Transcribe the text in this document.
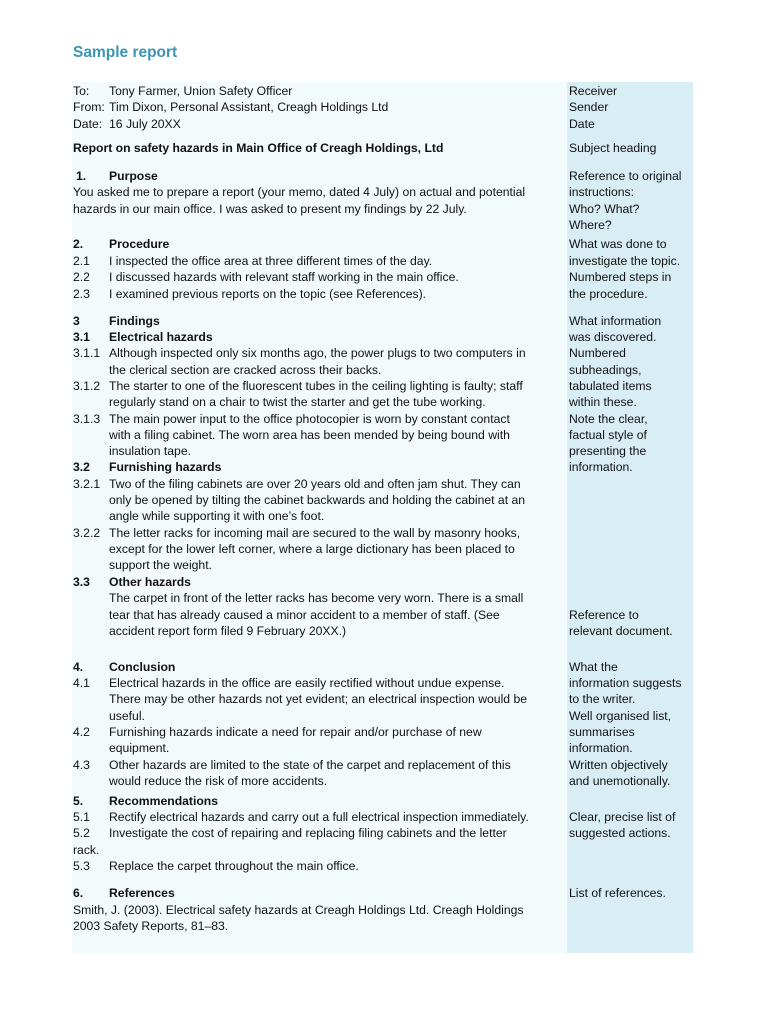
Sample report
To: Tony Farmer, Union Safety Officer
From: Tim Dixon, Personal Assistant, Creagh Holdings Ltd
Date: 16 July 20XX
Report on safety hazards in Main Office of Creagh Holdings, Ltd
1. Purpose
You asked me to prepare a report (your memo, dated 4 July) on actual and potential
hazards in our main office. I was asked to present my findings by 22 July.
2. Procedure
2.1 I inspected the office area at three different times of the day.
2.2 I discussed hazards with relevant staff working in the main office.
2.3 I examined previous reports on the topic (see References).
3 Findings
3.1 Electrical hazards
3.1.1 Although inspected only six months ago, the power plugs to two computers in
the clerical section are cracked across their backs.
3.1.2 The starter to one of the fluorescent tubes in the ceiling lighting is faulty; staff
regularly stand on a chair to twist the starter and get the tube working.
3.1.3 The main power input to the office photocopier is worn by constant contact
with a filing cabinet. The worn area has been mended by being bound with
insulation tape.
3.2 Furnishing hazards
3.2.1 Two of the filing cabinets are over 20 years old and often jam shut. They can
only be opened by tilting the cabinet backwards and holding the cabinet at an
angle while supporting it with one’s foot.
3.2.2 The letter racks for incoming mail are secured to the wall by masonry hooks,
except for the lower left corner, where a large dictionary has been placed to
support the weight.
3.3 Other hazards
The carpet in front of the letter racks has become very worn. There is a small
tear that has already caused a minor accident to a member of staff. (See
accident report form filed 9 February 20XX.)
4. Conclusion
4.1 Electrical hazards in the office are easily rectified without undue expense.
There may be other hazards not yet evident; an electrical inspection would be
useful.
4.2 Furnishing hazards indicate a need for repair and/or purchase of new
equipment.
4.3 Other hazards are limited to the state of the carpet and replacement of this
would reduce the risk of more accidents.
5. Recommendations
5.1 Rectify electrical hazards and carry out a full electrical inspection immediately.
5.2 Investigate the cost of repairing and replacing filing cabinets and the letter
rack.
5.3 Replace the carpet throughout the main office.
6. References
Smith, J. (2003). Electrical safety hazards at Creagh Holdings Ltd. Creagh Holdings
2003 Safety Reports, 81–83.
Receiver
Sender
Date
Subject heading
Reference to original
instructions:
Who? What?
Where?
What was done to
investigate the topic.
Numbered steps in
the procedure.
What information
was discovered.
Numbered
subheadings,
tabulated items
within these.
Note the clear,
factual style of
presenting the
information.
Reference to
relevant document.
What the
information suggests
to the writer.
Well organised list,
summarises
information.
Written objectively
and unemotionally.
Clear, precise list of
suggested actions.
List of references.
